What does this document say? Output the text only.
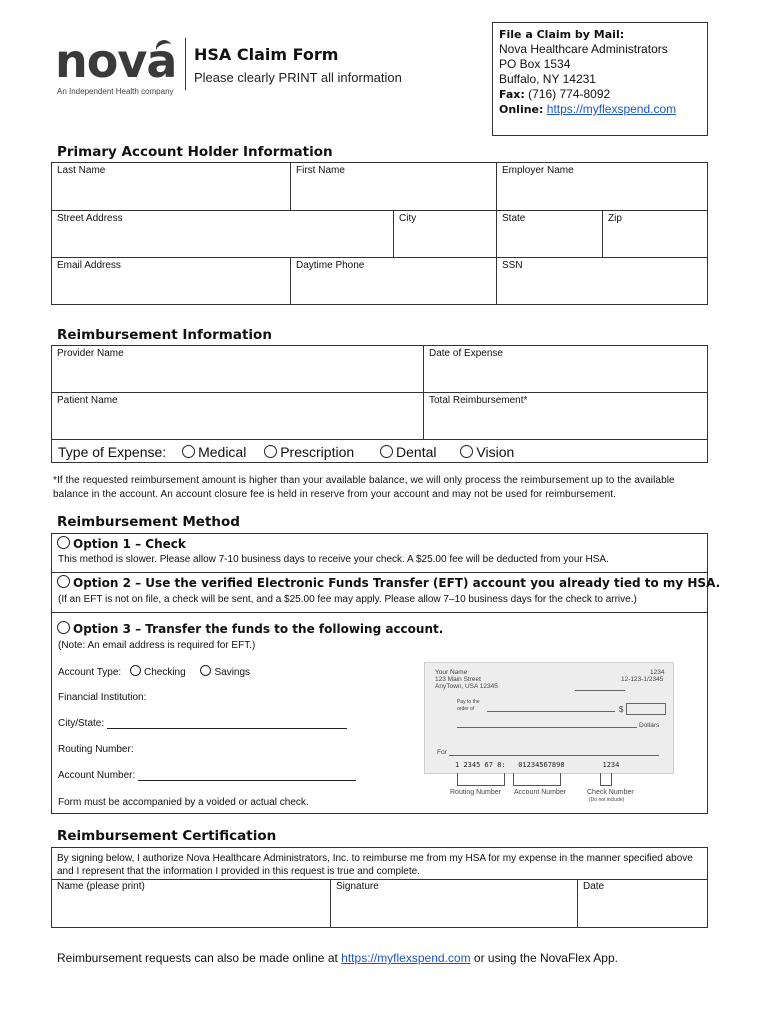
nova
An Independent Health company
HSA Claim Form
Please clearly PRINT all information
File a Claim by Mail:
Nova Healthcare Administrators
PO Box 1534
Buffalo, NY 14231
Fax: (716) 774-8092
Online: https://myflexspend.com
Primary Account Holder Information
Last Name	First Name	Employer Name
Street Address	City	State	Zip
Email Address	Daytime Phone	SSN
Reimbursement Information
Provider Name	Date of Expense
Patient Name	Total Reimbursement*
Type of Expense: Medical Prescription	Dental	Vision
*If the requested reimbursement amount is higher than your available balance, we will only process the reimbursement up to the available balance in the account. An account closure fee is held in reserve from your account and may not be used for reimbursement.
Reimbursement Method
Option 1 – Check
This method is slower. Please allow 7-10 business days to receive your check. A $25.00 fee will be deducted from your HSA.
Option 2 – Use the verified Electronic Funds Transfer (EFT) account you already tied to my HSA.
(If an EFT is not on file, a check will be sent, and a $25.00 fee may apply. Please allow 7–10 business days for the check to arrive.)
Option 3 – Transfer the funds to the following account.
(Note: An email address is required for EFT.)
Account Type: Checking	Savings
Financial Institution:
City/State:
Routing Number:
Account Number:
Form must be accompanied by a voided or actual check.
Your Name
123 Main Street
AnyTown, USA 12345
1234
12-123-1/2345
Pay to the order of	$
Dollars
For
1 2345 67 8:   01234567890         1234
Routing Number Account Number	Check Number
(Do not include)
Reimbursement Certification
By signing below, I authorize Nova Healthcare Administrators, Inc. to reimburse me from my HSA for my expense in the manner specified above and I represent that the information I provided in this request is true and complete.
Name (please print)	Signature	Date
Reimbursement requests can also be made online at https://myflexspend.com or using the NovaFlex App.
